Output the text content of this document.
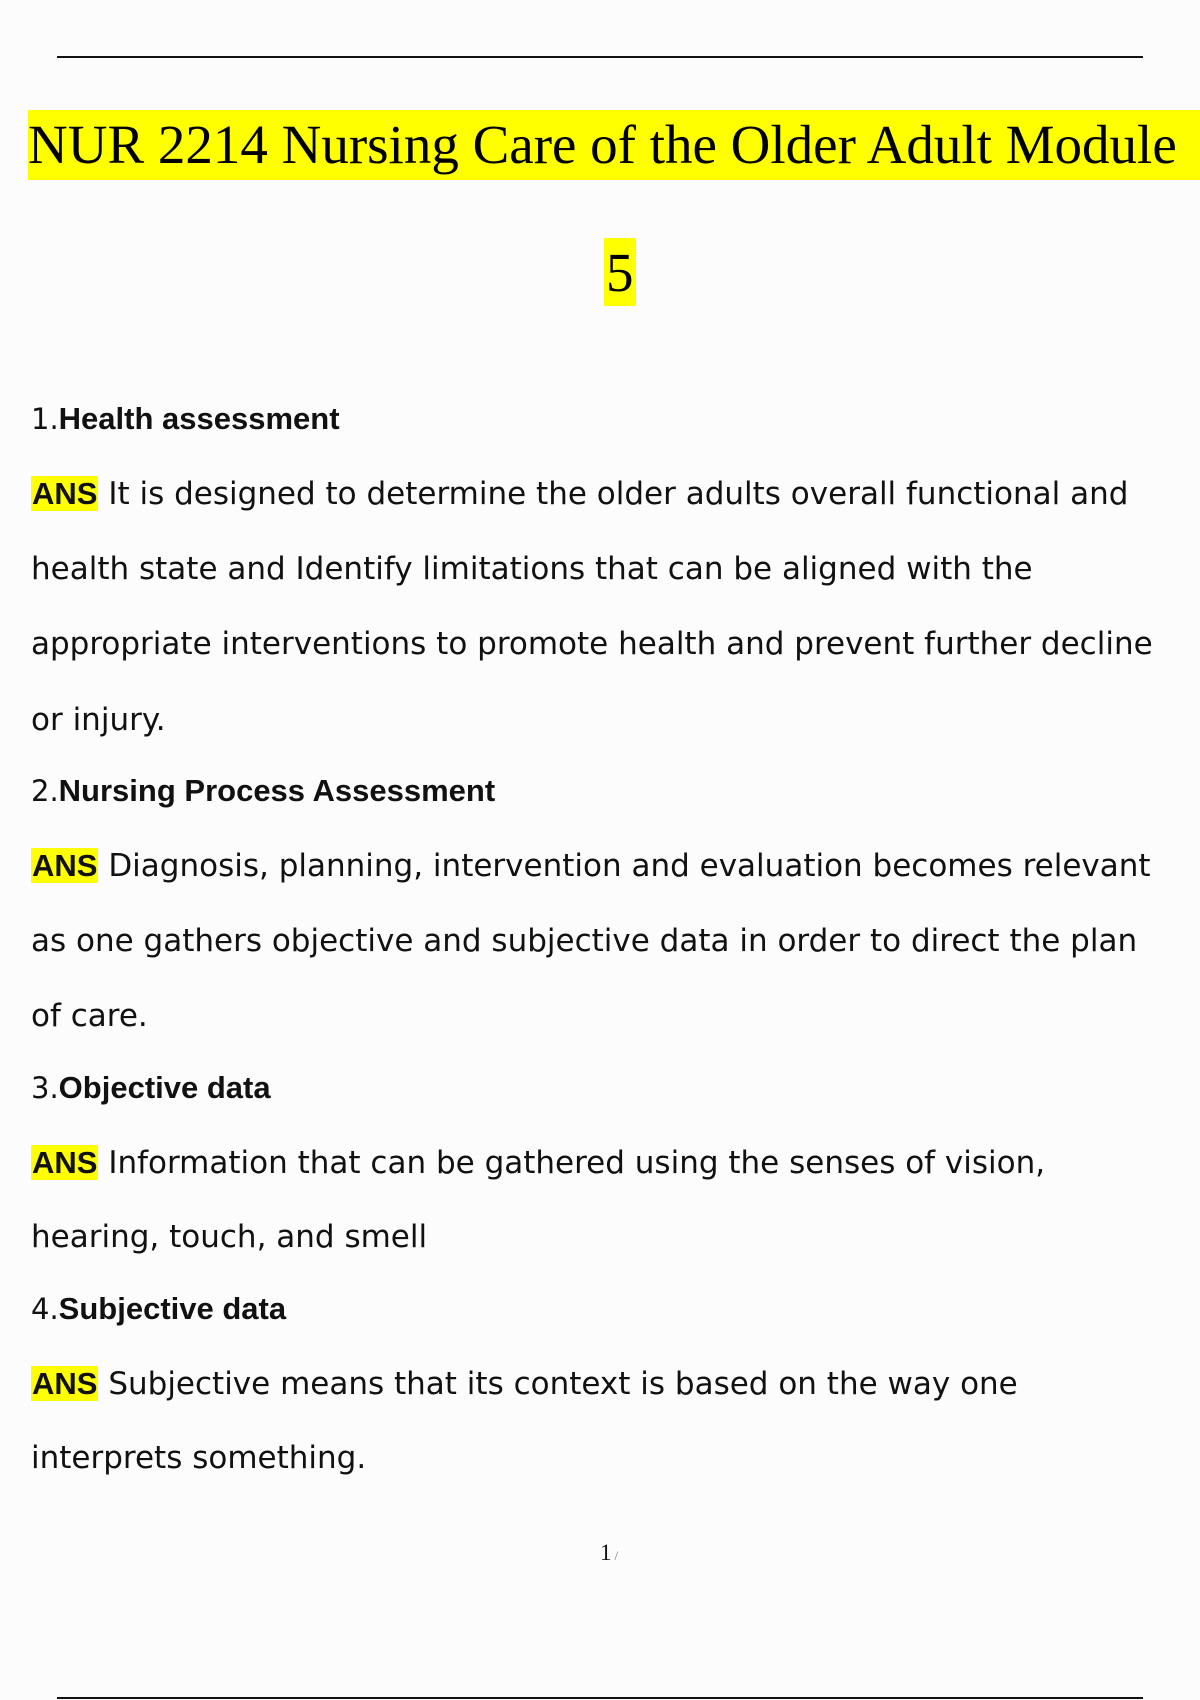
NUR 2214 Nursing Care of the Older Adult Module
5
1.Health assessment
ANS It is designed to determine the older adults overall functional and
health state and Identify limitations that can be aligned with the
appropriate interventions to promote health and prevent further decline
or injury.
2.Nursing Process Assessment
ANS Diagnosis, planning, intervention and evaluation becomes relevant
as one gathers objective and subjective data in order to direct the plan
of care.
3.Objective data
ANS Information that can be gathered using the senses of vision,
hearing, touch, and smell
4.Subjective data
ANS Subjective means that its context is based on the way one
interprets something.
1 /
